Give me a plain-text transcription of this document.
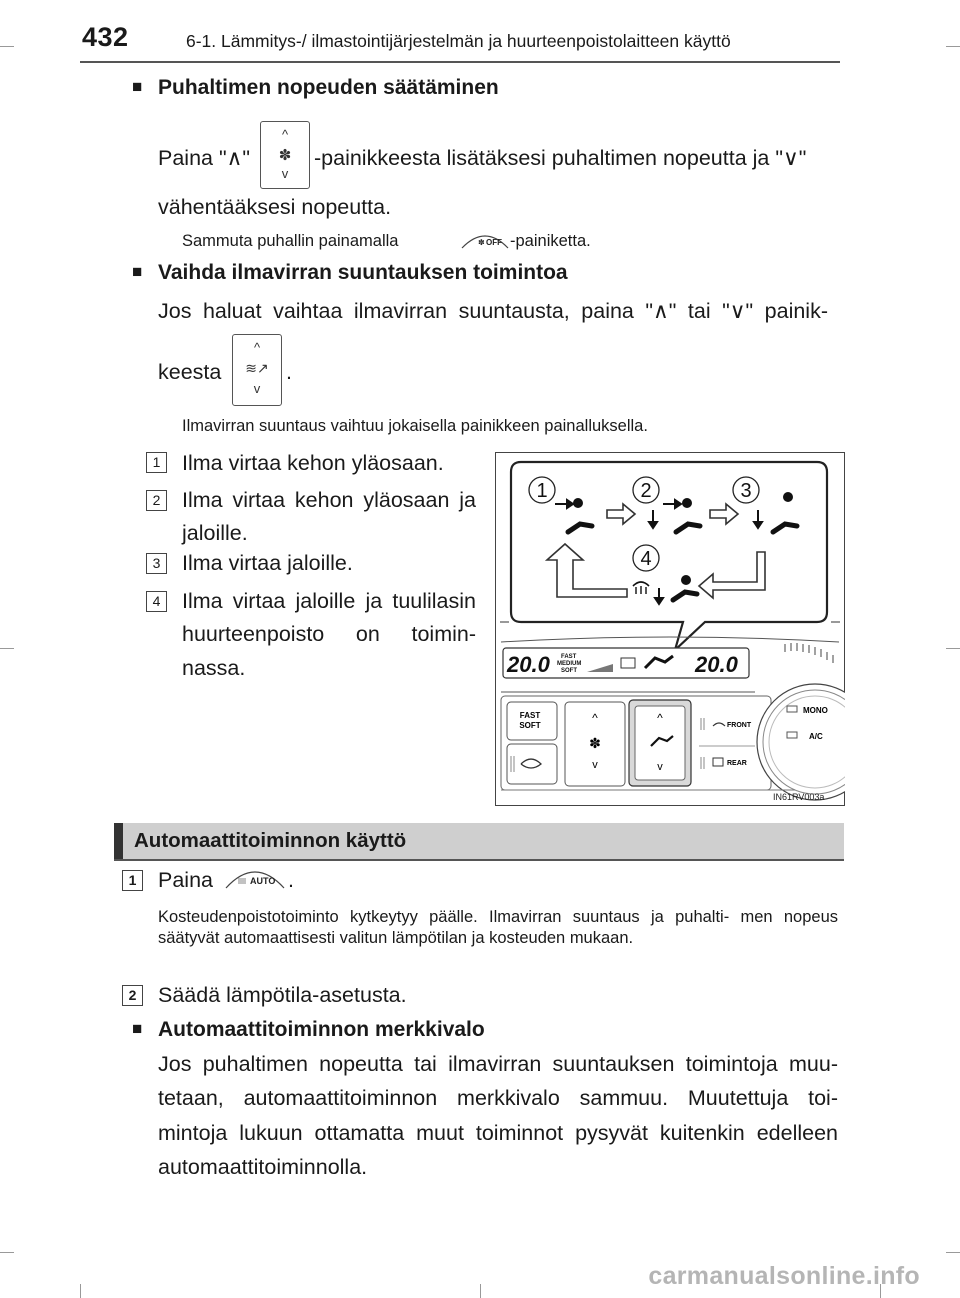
432	6-1. Lämmitys-/ ilmastointijärjestelmän ja huurteenpoistolaitteen käyttö
■ Puhaltimen nopeuden säätäminen
Paina "∧"
^
✽
v
-painikkeesta lisätäksesi puhaltimen nopeutta ja "∨"
vähentääksesi nopeutta.
Sammuta puhallin painamalla	✽ OFF -painiketta.
■ Vaihda ilmavirran suuntauksen toimintoa
Jos haluat vaihtaa ilmavirran suuntausta, paina "∧" tai "∨" painik-
keesta
^
≋↗
v
.
Ilmavirran suuntaus vaihtuu jokaisella painikkeen painalluksella.
1	Ilma virtaa kehon yläosaan.
2	Ilma virtaa kehon yläosaan ja jaloille.
3	Ilma virtaa jaloille.
4	Ilma virtaa jaloille ja tuulilasin huurteenpoisto on toimin- nassa.
1	2	3
4
20.0 FAST
MEDIUM
SOFT	20.0
FAST
SOFT
^
✽
v
^
v
FRONT
REAR
MONO
A/C
IN61RV003a
Automaattitoiminnon käyttö
1	Paina	AUTO .
Kosteudenpoistotoiminto kytkeytyy päälle. Ilmavirran suuntaus ja puhalti- men nopeus säätyvät automaattisesti valitun lämpötilan ja kosteuden mukaan.
2	Säädä lämpötila-asetusta.
■ Automaattitoiminnon merkkivalo
Jos puhaltimen nopeutta tai ilmavirran suuntauksen toimintoja muu- tetaan, automaattitoiminnon merkkivalo sammuu. Muutettuja toi- mintoja lukuun ottamatta muut toiminnot pysyvät kuitenkin edelleen automaattitoiminnolla.
carmanualsonline.info
